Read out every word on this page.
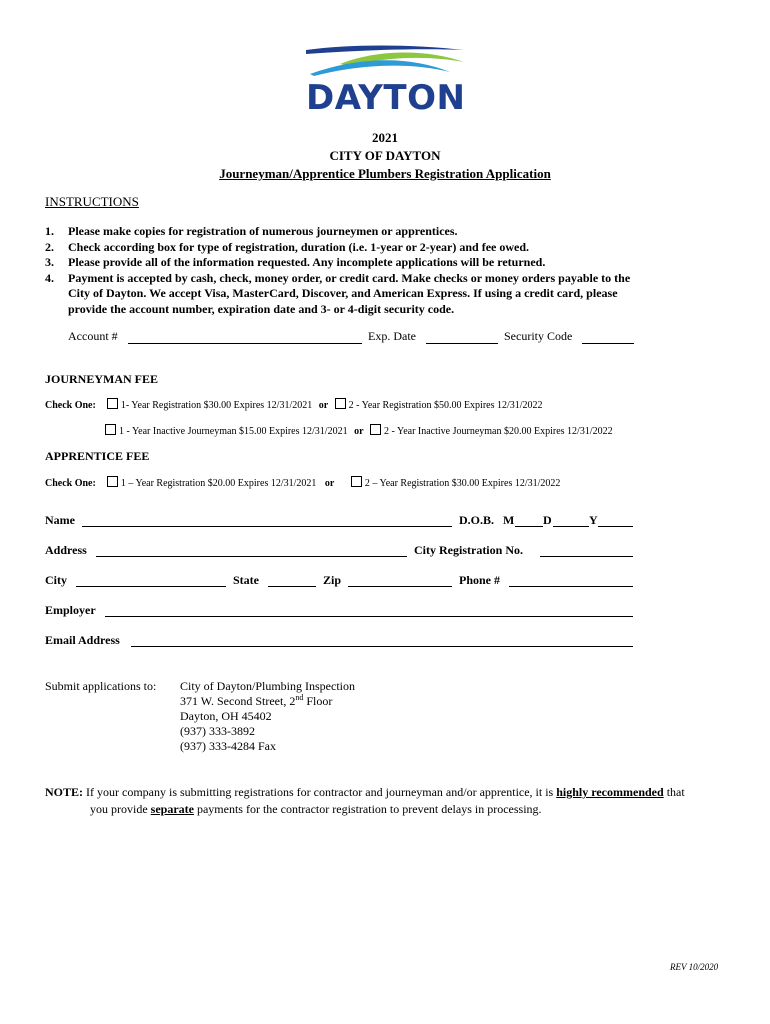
DAYTON
2021
CITY OF DAYTON
Journeyman/Apprentice Plumbers Registration Application
INSTRUCTIONS
1. Please make copies for registration of numerous journeymen or apprentices.
2. Check according box for type of registration, duration (i.e. 1-year or 2-year) and fee owed.
3. Please provide all of the information requested. Any incomplete applications will be returned.
4. Payment is accepted by cash, check, money order, or credit card. Make checks or money orders payable to the City of Dayton. We accept Visa, MasterCard, Discover, and American Express. If using a credit card, please provide the account number, expiration date and 3- or 4-digit security code.
Account #	Exp. Date	Security Code
JOURNEYMAN FEE
Check One:	1- Year Registration $30.00 Expires 12/31/2021 or 2 - Year Registration $50.00 Expires 12/31/2022
1 - Year Inactive Journeyman $15.00 Expires 12/31/2021 or 2 - Year Inactive Journeyman $20.00 Expires 12/31/2022
APPRENTICE FEE
Check One:	1 – Year Registration $20.00 Expires 12/31/2021 or	2 – Year Registration $30.00 Expires 12/31/2022
Name	D.O.B. M D	Y
Address	City Registration No.
City	State	Zip	Phone #
Employer
Email Address
Submit applications to: City of Dayton/Plumbing Inspection
371 W. Second Street, 2nd Floor
Dayton, OH 45402
(937) 333-3892
(937) 333-4284 Fax
NOTE: If your company is submitting registrations for contractor and journeyman and/or apprentice, it is highly recommended that
you provide separate payments for the contractor registration to prevent delays in processing.
REV 10/2020
